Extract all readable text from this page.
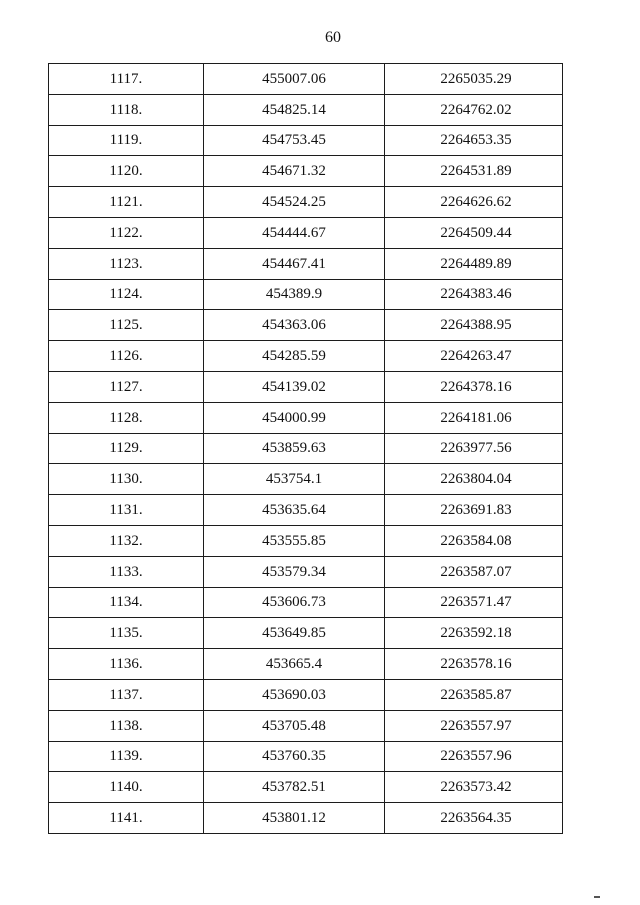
60
1117.	455007.06	2265035.29
1118.	454825.14	2264762.02
1119.	454753.45	2264653.35
1120.	454671.32	2264531.89
1121.	454524.25	2264626.62
1122.	454444.67	2264509.44
1123.	454467.41	2264489.89
1124.	454389.9	2264383.46
1125.	454363.06	2264388.95
1126.	454285.59	2264263.47
1127.	454139.02	2264378.16
1128.	454000.99	2264181.06
1129.	453859.63	2263977.56
1130.	453754.1	2263804.04
1131.	453635.64	2263691.83
1132.	453555.85	2263584.08
1133.	453579.34	2263587.07
1134.	453606.73	2263571.47
1135.	453649.85	2263592.18
1136.	453665.4	2263578.16
1137.	453690.03	2263585.87
1138.	453705.48	2263557.97
1139.	453760.35	2263557.96
1140.	453782.51	2263573.42
1141.	453801.12	2263564.35
